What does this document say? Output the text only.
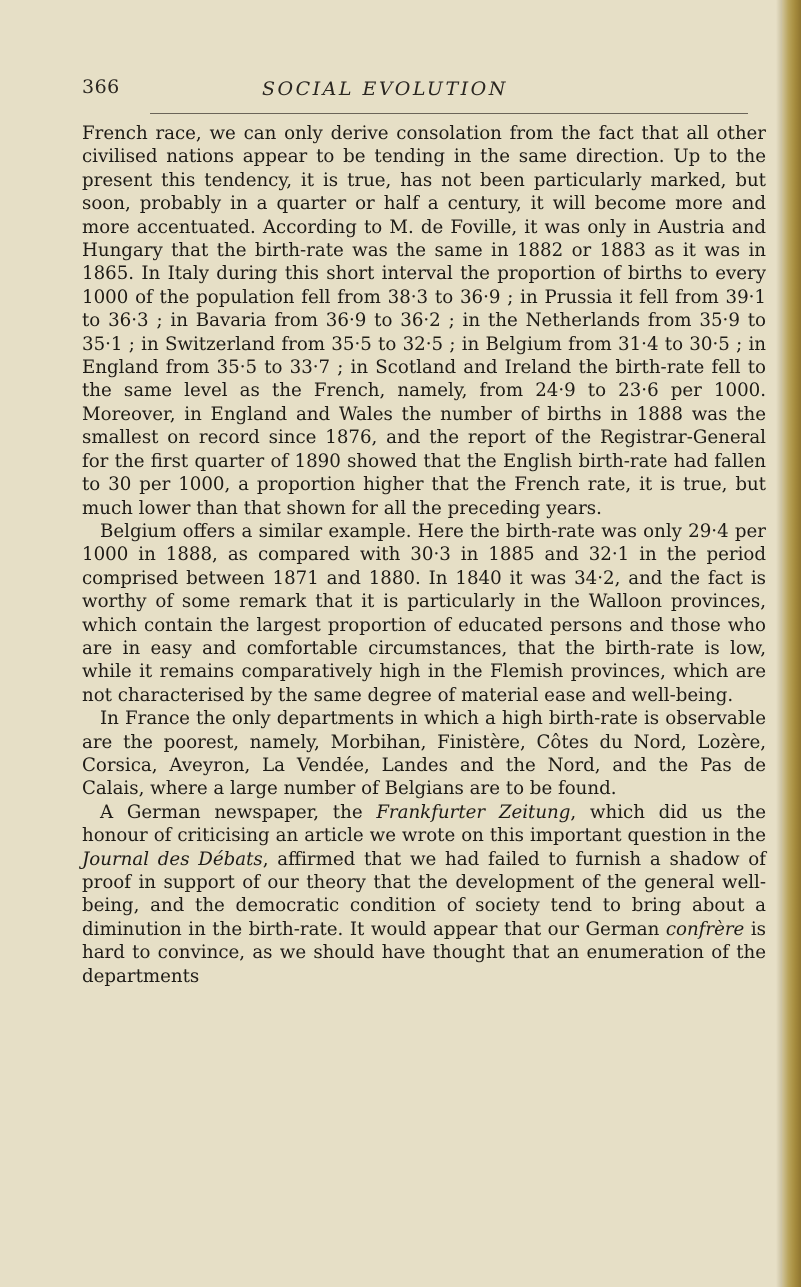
366	SOCIAL EVOLUTION

French race, we can only derive consolation from the fact that all other civilised nations appear to be tending in the same direction. Up to the present this tendency, it is true, has not been particularly marked, but soon, probably in a quarter or half a century, it will become more and more accentuated. According to M. de Foville, it was only in Austria and Hungary that the birth-rate was the same in 1882 or 1883 as it was in 1865. In Italy during this short interval the proportion of births to every 1000 of the population fell from 38·3 to 36·9 ; in Prussia it fell from 39·1 to 36·3 ; in Bavaria from 36·9 to 36·2 ; in the Netherlands from 35·9 to 35·1 ; in Switzerland from 35·5 to 32·5 ; in Belgium from 31·4 to 30·5 ; in England from 35·5 to 33·7 ; in Scotland and Ireland the birth-rate fell to the same level as the French, namely, from 24·9 to 23·6 per 1000. Moreover, in England and Wales the number of births in 1888 was the smallest on record since 1876, and the report of the Registrar-General for the first quarter of 1890 showed that the English birth-rate had fallen to 30 per 1000, a proportion higher that the French rate, it is true, but much lower than that shown for all the preceding years.

Belgium offers a similar example. Here the birth-rate was only 29·4 per 1000 in 1888, as compared with 30·3 in 1885 and 32·1 in the period comprised between 1871 and 1880. In 1840 it was 34·2, and the fact is worthy of some remark that it is particularly in the Walloon provinces, which contain the largest proportion of educated persons and those who are in easy and comfortable circumstances, that the birth-rate is low, while it remains comparatively high in the Flemish provinces, which are not characterised by the same degree of material ease and well-being.

In France the only departments in which a high birth-rate is observable are the poorest, namely, Morbihan, Finistère, Côtes du Nord, Lozère, Corsica, Aveyron, La Vendée, Landes and the Nord, and the Pas de Calais, where a large number of Belgians are to be found.

A German newspaper, the Frankfurter Zeitung, which did us the honour of criticising an article we wrote on this important question in the Journal des Débats, affirmed that we had failed to furnish a shadow of proof in support of our theory that the development of the general well-being, and the democratic condition of society tend to bring about a diminution in the birth-rate. It would appear that our German confrère is hard to convince, as we should have thought that an enumeration of the departments
